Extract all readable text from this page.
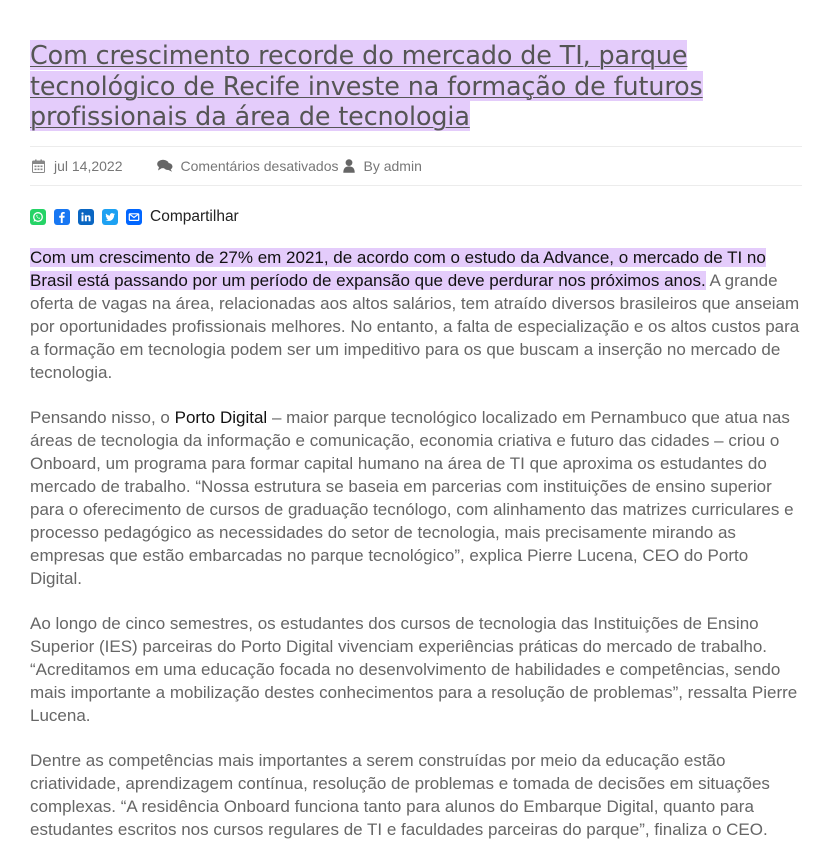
Com crescimento recorde do mercado de TI, parque tecnológico de Recife investe na formação de futuros profissionais da área de tecnologia
jul 14,2022	Comentários desativados By admin
Compartilhar

Com um crescimento de 27% em 2021, de acordo com o estudo da Advance, o mercado de TI no Brasil está passando por um período de expansão que deve perdurar nos próximos anos. A grande oferta de vagas na área, relacionadas aos altos salários, tem atraído diversos brasileiros que anseiam por oportunidades profissionais melhores. No entanto, a falta de especialização e os altos custos para a formação em tecnologia podem ser um impeditivo para os que buscam a inserção no mercado de tecnologia.

Pensando nisso, o Porto Digital – maior parque tecnológico localizado em Pernambuco que atua nas áreas de tecnologia da informação e comunicação, economia criativa e futuro das cidades – criou o Onboard, um programa para formar capital humano na área de TI que aproxima os estudantes do mercado de trabalho. “Nossa estrutura se baseia em parcerias com instituições de ensino superior para o oferecimento de cursos de graduação tecnólogo, com alinhamento das matrizes curriculares e processo pedagógico as necessidades do setor de tecnologia, mais precisamente mirando as empresas que estão embarcadas no parque tecnológico”, explica Pierre Lucena, CEO do Porto Digital.

Ao longo de cinco semestres, os estudantes dos cursos de tecnologia das Instituições de Ensino Superior (IES) parceiras do Porto Digital vivenciam experiências práticas do mercado de trabalho. “Acreditamos em uma educação focada no desenvolvimento de habilidades e competências, sendo mais importante a mobilização destes conhecimentos para a resolução de problemas”, ressalta Pierre Lucena.

Dentre as competências mais importantes a serem construídas por meio da educação estão criatividade, aprendizagem contínua, resolução de problemas e tomada de decisões em situações complexas. “A residência Onboard funciona tanto para alunos do Embarque Digital, quanto para estudantes escritos nos cursos regulares de TI e faculdades parceiras do parque”, finaliza o CEO.
